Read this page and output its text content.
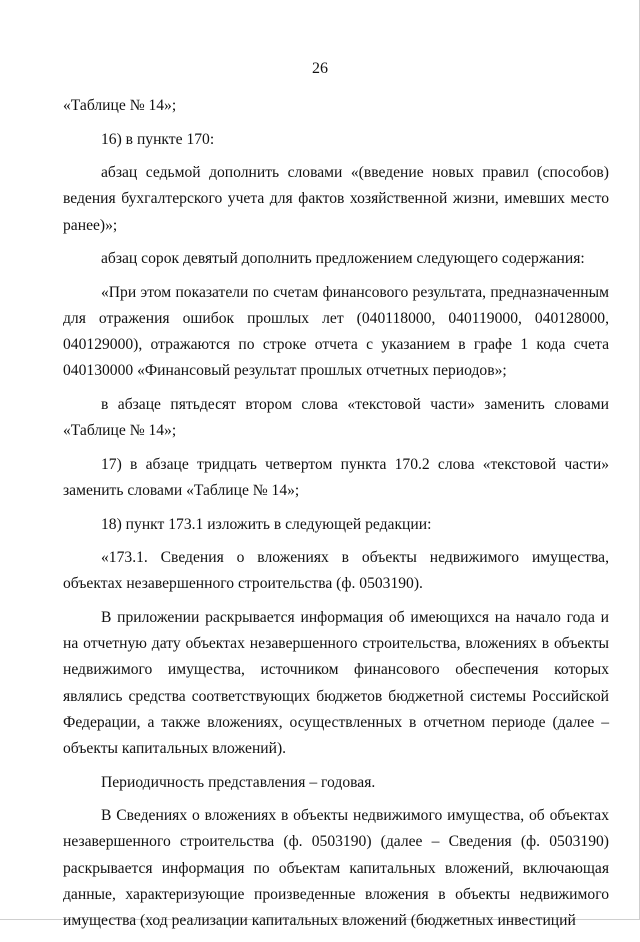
26

«Таблице № 14»;

16) в пункте 170:

абзац седьмой дополнить словами «(введение новых правил (способов) ведения бухгалтерского учета для фактов хозяйственной жизни, имевших место ранее)»;

абзац сорок девятый дополнить предложением следующего содержания:

«При этом показатели по счетам финансового результата, предназначенным для отражения ошибок прошлых лет (040118000, 040119000, 040128000, 040129000), отражаются по строке отчета с указанием в графе 1 кода счета 040130000 «Финансовый результат прошлых отчетных периодов»;

в абзаце пятьдесят втором слова «текстовой части» заменить словами «Таблице № 14»;

17) в абзаце тридцать четвертом пункта 170.2 слова «текстовой части» заменить словами «Таблице № 14»;

18) пункт 173.1 изложить в следующей редакции:

«173.1. Сведения о вложениях в объекты недвижимого имущества, объектах незавершенного строительства (ф. 0503190).

В приложении раскрывается информация об имеющихся на начало года и на отчетную дату объектах незавершенного строительства, вложениях в объекты недвижимого имущества, источником финансового обеспечения которых являлись средства соответствующих бюджетов бюджетной системы Российской Федерации, а также вложениях, осуществленных в отчетном периоде (далее – объекты капитальных вложений).

Периодичность представления – годовая.

В Сведениях о вложениях в объекты недвижимого имущества, об объектах незавершенного строительства (ф. 0503190) (далее – Сведения (ф. 0503190) раскрывается информация по объектам капитальных вложений, включающая данные, характеризующие произведенные вложения в объекты недвижимого имущества (ход реализации капитальных вложений (бюджетных инвестиций
